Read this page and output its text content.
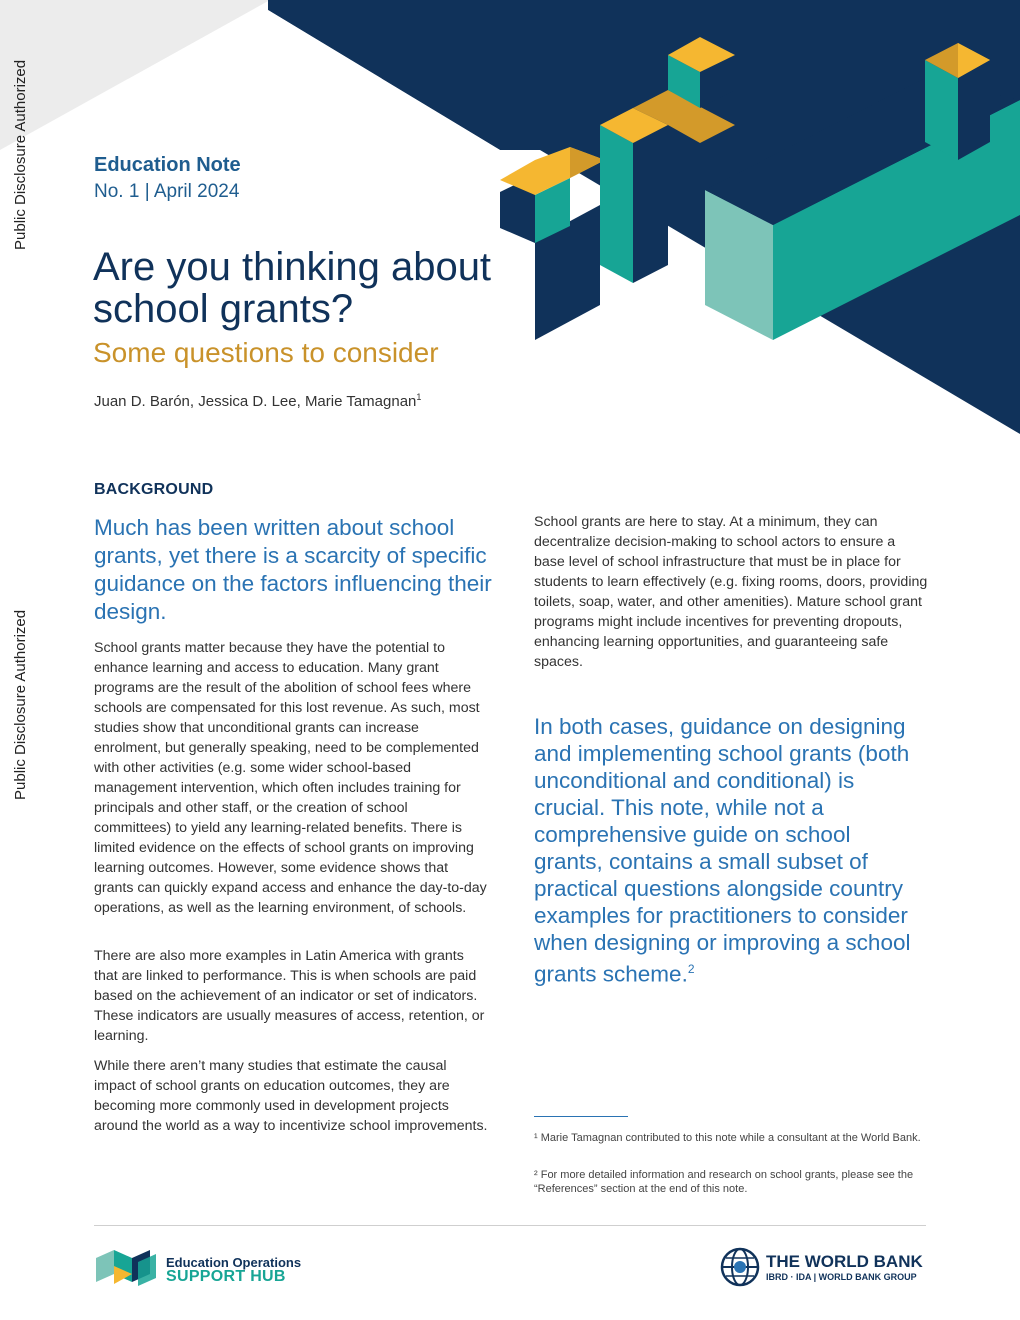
Public Disclosure Authorized
Public Disclosure Authorized
Education Note
No. 1 | April 2024
Are you thinking about school grants?
Some questions to consider
Juan D. Barón, Jessica D. Lee, Marie Tamagnan$^1$
BACKGROUND
Much has been written about school grants, yet there is a scarcity of specific guidance on the factors influencing their design.

School grants matter because they have the potential to enhance learning and access to education. Many grant programs are the result of the abolition of school fees where schools are compensated for this lost revenue. As such, most studies show that unconditional grants can increase enrolment, but generally speaking, need to be complemented with other activities (e.g. some wider school-based management intervention, which often includes training for principals and other staff, or the creation of school committees) to yield any learning-related benefits. There is limited evidence on the effects of school grants on improving learning outcomes. However, some evidence shows that grants can quickly expand access and enhance the day-to-day operations, as well as the learning environment, of schools.

There are also more examples in Latin America with grants that are linked to performance. This is when schools are paid based on the achievement of an indicator or set of indicators. These indicators are usually measures of access, retention, or learning.

While there aren’t many studies that estimate the causal impact of school grants on education outcomes, they are becoming more commonly used in development projects around the world as a way to incentivize school improvements.

School grants are here to stay. At a minimum, they can decentralize decision-making to school actors to ensure a base level of school infrastructure that must be in place for students to learn effectively (e.g. fixing rooms, doors, providing toilets, soap, water, and other amenities). Mature school grant programs might include incentives for preventing dropouts, enhancing learning opportunities, and guaranteeing safe spaces.

In both cases, guidance on designing and implementing school grants (both unconditional and conditional) is crucial. This note, while not a comprehensive guide on school grants, contains a small subset of practical questions alongside country examples for practitioners to consider when designing or improving a school grants scheme.$^2$
¹ Marie Tamagnan contributed to this note while a consultant at the World Bank.
² For more detailed information and research on school grants, please see the “References” section at the end of this note.
Education Operations
SUPPORT HUB
THE WORLD BANK
IBRD · IDA | WORLD BANK GROUP
